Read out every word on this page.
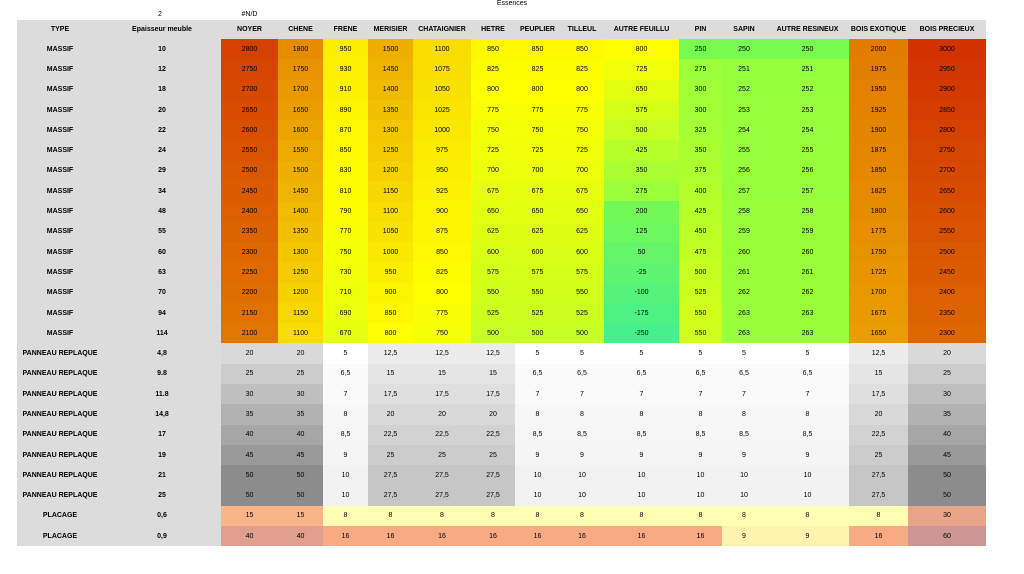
Essences
2	#N/D
TYPE	Epaisseur meuble	NOYER	CHENE	FRENE	MERISIER	CHATAIGNIER	HETRE	PEUPLIER	TILLEUL	AUTRE FEUILLU	PIN	SAPIN	AUTRE RESINEUX	BOIS EXOTIQUE	BOIS PRECIEUX
MASSIF	10	2800	1800	950	1500	1100	850	850	850	800	250	250	250	2000	3000
MASSIF	12	2750	1750	930	1450	1075	825	825	825	725	275	251	251	1975	2950
MASSIF	18	2700	1700	910	1400	1050	800	800	800	650	300	252	252	1950	2900
MASSIF	20	2650	1650	890	1350	1025	775	775	775	575	300	253	253	1925	2850
MASSIF	22	2600	1600	870	1300	1000	750	750	750	500	325	254	254	1900	2800
MASSIF	24	2550	1550	850	1250	975	725	725	725	425	350	255	255	1875	2750
MASSIF	29	2500	1500	830	1200	950	700	700	700	350	375	256	256	1850	2700
MASSIF	34	2450	1450	810	1150	925	675	675	675	275	400	257	257	1825	2650
MASSIF	48	2400	1400	790	1100	900	650	650	650	200	425	258	258	1800	2600
MASSIF	55	2350	1350	770	1050	875	625	625	625	125	450	259	259	1775	2550
MASSIF	60	2300	1300	750	1000	850	600	600	600	50	475	260	260	1750	2500
MASSIF	63	2250	1250	730	950	825	575	575	575	-25	500	261	261	1725	2450
MASSIF	70	2200	1200	710	900	800	550	550	550	-100	525	262	262	1700	2400
MASSIF	94	2150	1150	690	850	775	525	525	525	-175	550	263	263	1675	2350
MASSIF	114	2100	1100	670	800	750	500	500	500	-250	550	263	263	1650	2300
PANNEAU REPLAQUE	4,8	20	20	5	12,5	12,5	12,5	5	5	5	5	5	5	12,5	20
PANNEAU REPLAQUE	9.8	25	25	6,5	15	15	15	6,5	6,5	6,5	6,5	6,5	6,5	15	25
PANNEAU REPLAQUE	11.8	30	30	7	17,5	17,5	17,5	7	7	7	7	7	7	17,5	30
PANNEAU REPLAQUE	14,8	35	35	8	20	20	20	8	8	8	8	8	8	20	35
PANNEAU REPLAQUE	17	40	40	8,5	22,5	22,5	22,5	8,5	8,5	8,5	8,5	8,5	8,5	22,5	40
PANNEAU REPLAQUE	19	45	45	9	25	25	25	9	9	9	9	9	9	25	45
PANNEAU REPLAQUE	21	50	50	10	27,5	27,5	27,5	10	10	10	10	10	10	27,5	50
PANNEAU REPLAQUE	25	50	50	10	27,5	27,5	27,5	10	10	10	10	10	10	27,5	50
PLACAGE	0,6	15	15	8	8	8	8	8	8	8	8	8	8	8	30
PLACAGE	0,9	40	40	16	16	16	16	16	16	16	16	9	9	16	60
